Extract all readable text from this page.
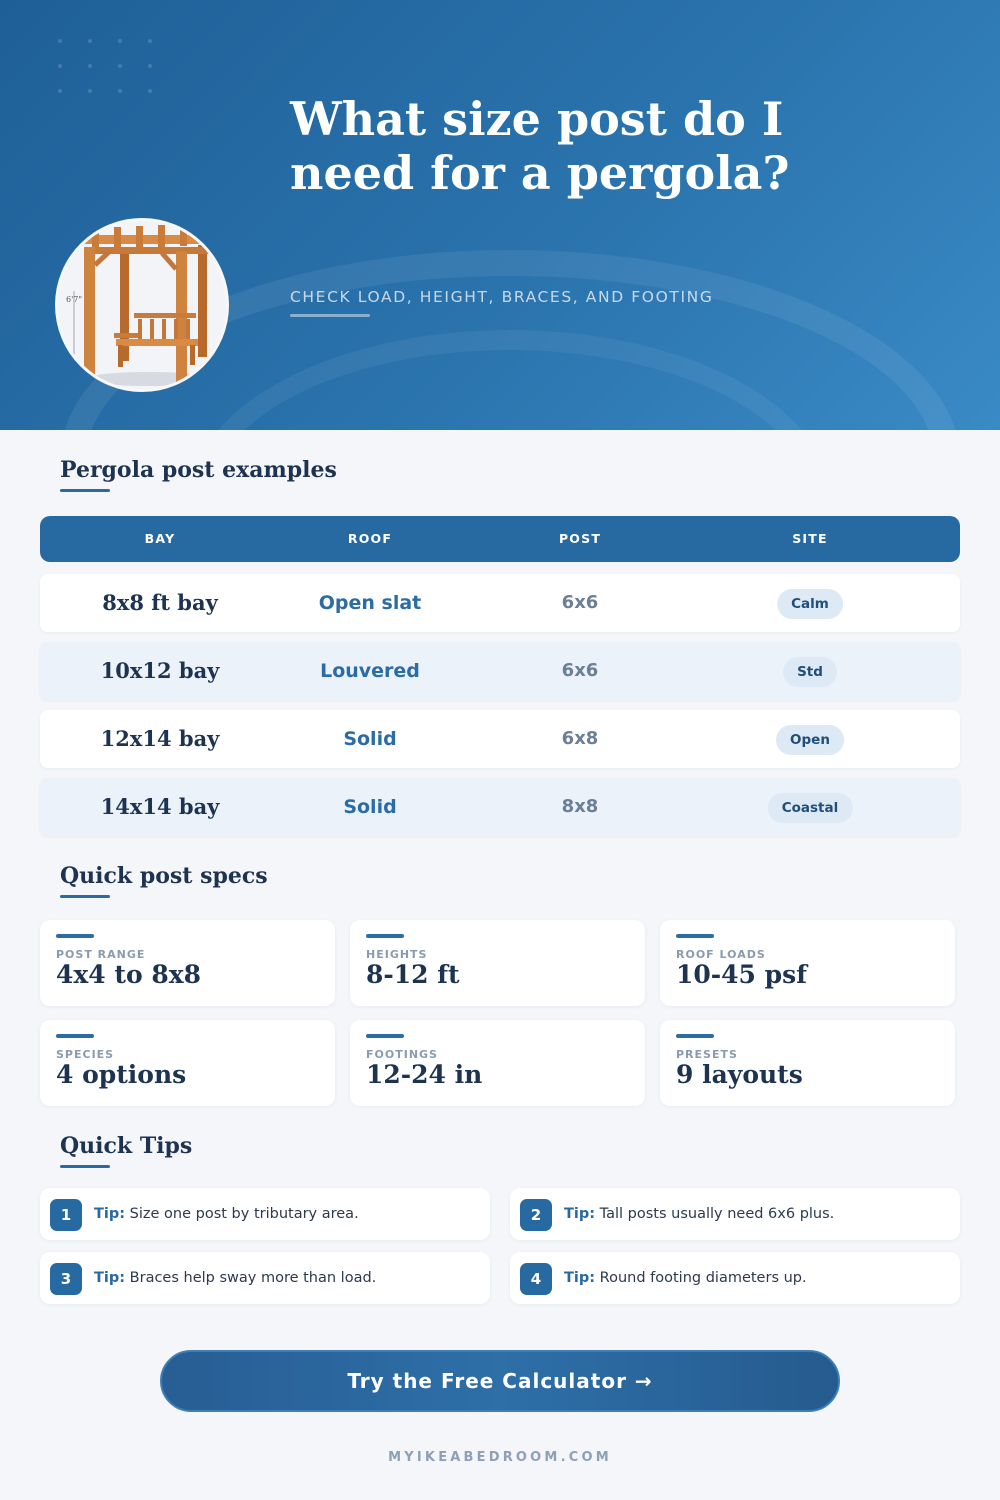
6'7"
What size post do I need for a pergola?
CHECK LOAD, HEIGHT, BRACES, AND FOOTING
Pergola post examples
BAY	ROOF	POST	SITE
8x8 ft bay	Open slat	6x6	Calm
10x12 bay	Louvered	6x6	Std
12x14 bay	Solid	6x8	Open
14x14 bay	Solid	8x8	Coastal
Quick post specs
POST RANGE
4x4 to 8x8
HEIGHTS
8-12 ft
ROOF LOADS
10-45 psf
SPECIES
4 options
FOOTINGS
12-24 in
PRESETS
9 layouts
Quick Tips
1	Tip: Size one post by tributary area.	2	Tip: Tall posts usually need 6x6 plus.
3	Tip: Braces help sway more than load.	4	Tip: Round footing diameters up.
Try the Free Calculator →
MYIKEABEDROOM.COM
